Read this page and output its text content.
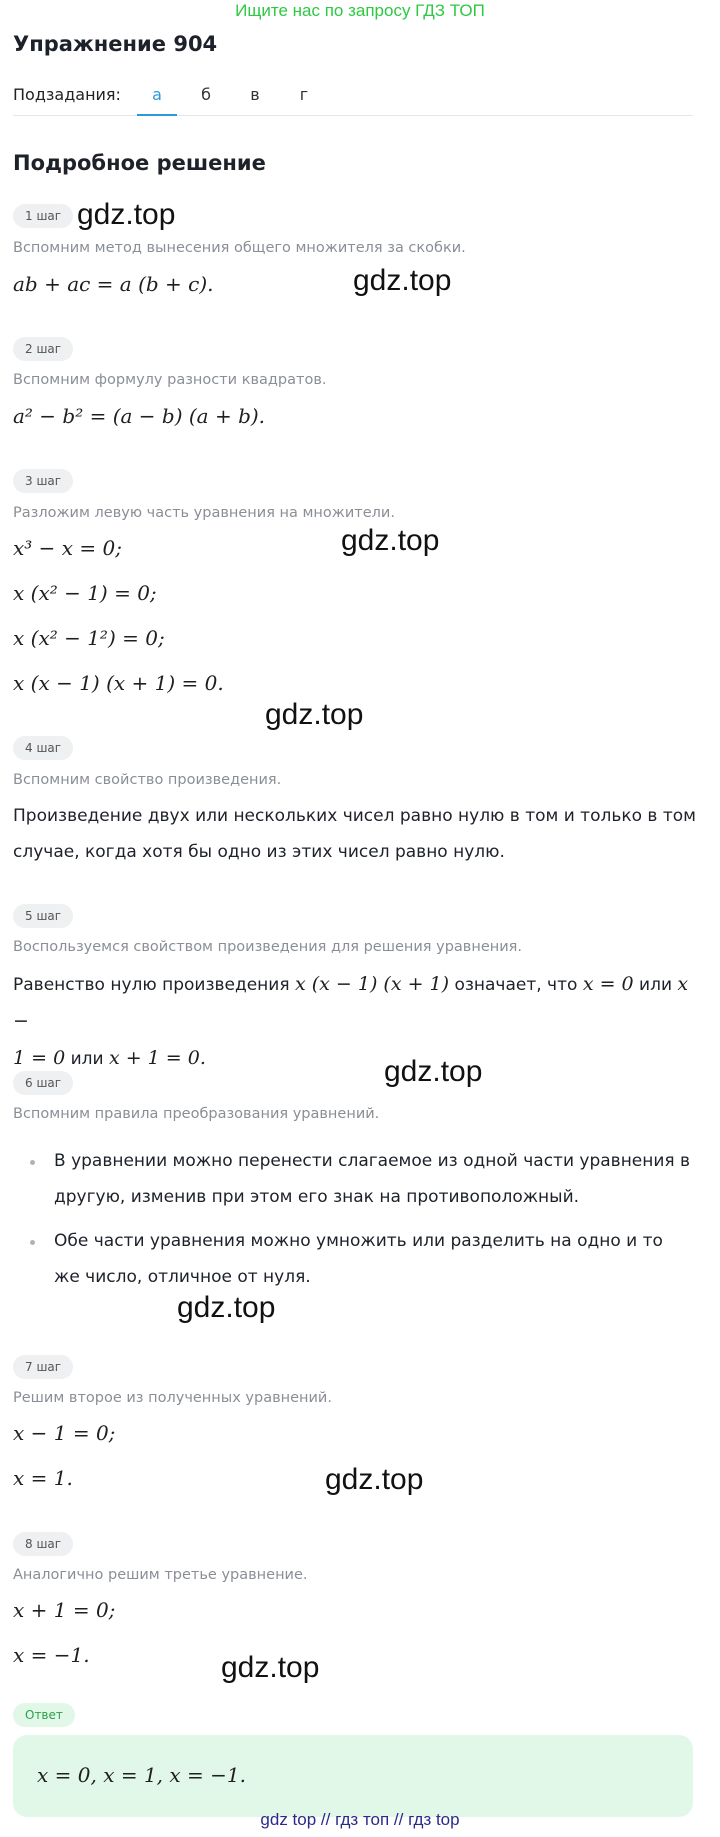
Ищите нас по запросу ГДЗ ТОП
Упражнение 904
Подзадания:	а	б	в	г
Подробное решение
1 шаг
Вспомним метод вынесения общего множителя за скобки.
ab + ac = a (b + c).
2 шаг
Вспомним формулу разности квадратов.
a² − b² = (a − b) (a + b).
3 шаг
Разложим левую часть уравнения на множители.
x³ − x = 0;
x (x² − 1) = 0;
x (x² − 1²) = 0;
x (x − 1) (x + 1) = 0.
4 шаг
Вспомним свойство произведения.
Произведение двух или нескольких чисел равно нулю в том и только в том случае, когда хотя бы одно из этих чисел равно нулю.
5 шаг
Воспользуемся свойством произведения для решения уравнения.
Равенство нулю произведения x (x − 1) (x + 1) означает, что x = 0 или x −
1 = 0 или x + 1 = 0.
6 шаг
Вспомним правила преобразования уравнений.
В уравнении можно перенести слагаемое из одной части уравнения в другую, изменив при этом его знак на противоположный.
Обе части уравнения можно умножить или разделить на одно и то же число, отличное от нуля.
7 шаг
Решим второе из полученных уравнений.
x − 1 = 0;
x = 1.
8 шаг
Аналогично решим третье уравнение.
x + 1 = 0;
x = −1.
Ответ
x = 0, x = 1, x = −1.
gdz.top
gdz.top
gdz.top
gdz.top
gdz.top
gdz.top
gdz.top
gdz.top
gdz top // гдз топ // гдз top
